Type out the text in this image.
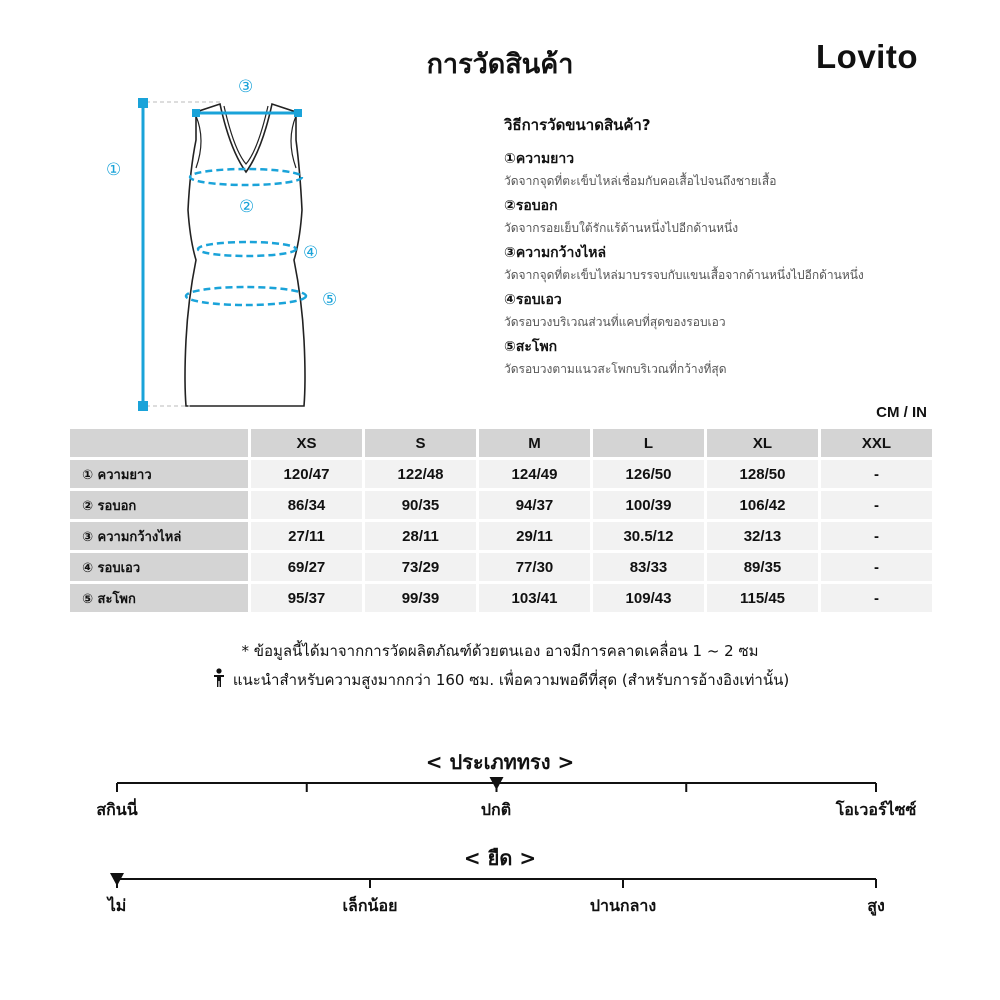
การวัดสินค้า	Lovito
①
②
③
④
⑤
วิธีการวัดขนาดสินค้า?
①ความยาว
วัดจากจุดที่ตะเข็บไหล่เชื่อมกับคอเสื้อไปจนถึงชายเสื้อ
②รอบอก
วัดจากรอยเย็บใต้รักแร้ด้านหนึ่งไปอีกด้านหนึ่ง
③ความกว้างไหล่
วัดจากจุดที่ตะเข็บไหล่มาบรรจบกับแขนเสื้อจากด้านหนึ่งไปอีกด้านหนึ่ง
④รอบเอว
วัดรอบวงบริเวณส่วนที่แคบที่สุดของรอบเอว
⑤สะโพก
วัดรอบวงตามแนวสะโพกบริเวณที่กว้างที่สุด
CM / IN
	XS	S	M	L	XL	XXL
① ความยาว	120/47	122/48	124/49	126/50	128/50	-
② รอบอก	86/34	90/35	94/37	100/39	106/42	-
③ ความกว้างไหล่	27/11	28/11	29/11	30.5/12	32/13	-
④ รอบเอว	69/27	73/29	77/30	83/33	89/35	-
⑤ สะโพก	95/37	99/39	103/41	109/43	115/45	-
* ข้อมูลนี้ได้มาจากการวัดผลิตภัณฑ์ด้วยตนเอง อาจมีการคลาดเคลื่อน 1 ~ 2 ซม
แนะนำสำหรับความสูงมากกว่า 160 ซม. เพื่อความพอดีที่สุด (สำหรับการอ้างอิงเท่านั้น)
< ประเภททรง >
< ยืด >
สกินนี่	ปกติ	โอเวอร์ไซซ์
ไม่	เล็กน้อย	ปานกลาง	สูง
